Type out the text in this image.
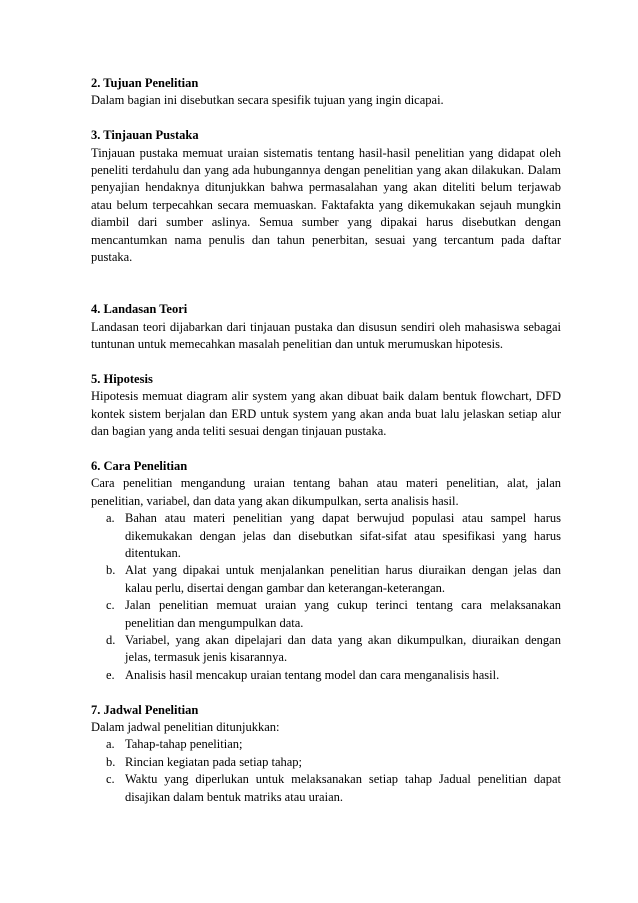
2. Tujuan Penelitian

Dalam bagian ini disebutkan secara spesifik tujuan yang ingin dicapai.

3. Tinjauan Pustaka

Tinjauan pustaka memuat uraian sistematis tentang hasil-hasil penelitian yang didapat oleh peneliti terdahulu dan yang ada hubungannya dengan penelitian yang akan dilakukan. Dalam penyajian hendaknya ditunjukkan bahwa permasalahan yang akan diteliti belum terjawab atau belum terpecahkan secara memuaskan. Faktafakta yang dikemukakan sejauh mungkin diambil dari sumber aslinya. Semua sumber yang dipakai harus disebutkan dengan mencantumkan nama penulis dan tahun penerbitan, sesuai yang tercantum pada daftar pustaka.

4. Landasan Teori

Landasan teori dijabarkan dari tinjauan pustaka dan disusun sendiri oleh mahasiswa sebagai tuntunan untuk memecahkan masalah penelitian dan untuk merumuskan hipotesis.

5. Hipotesis

Hipotesis memuat diagram alir system yang akan dibuat baik dalam bentuk flowchart, DFD kontek sistem berjalan dan ERD untuk system yang akan anda buat lalu jelaskan setiap alur dan bagian yang anda teliti sesuai dengan tinjauan pustaka.

6. Cara Penelitian

Cara penelitian mengandung uraian tentang bahan atau materi penelitian, alat, jalan penelitian, variabel, dan data yang akan dikumpulkan, serta analisis hasil.

a. Bahan atau materi penelitian yang dapat berwujud populasi atau sampel harus dikemukakan dengan jelas dan disebutkan sifat-sifat atau spesifikasi yang harus ditentukan.
b. Alat yang dipakai untuk menjalankan penelitian harus diuraikan dengan jelas dan kalau perlu, disertai dengan gambar dan keterangan-keterangan.
c. Jalan penelitian memuat uraian yang cukup terinci tentang cara melaksanakan penelitian dan mengumpulkan data.
d. Variabel, yang akan dipelajari dan data yang akan dikumpulkan, diuraikan dengan jelas, termasuk jenis kisarannya.
e. Analisis hasil mencakup uraian tentang model dan cara menganalisis hasil.

7. Jadwal Penelitian

Dalam jadwal penelitian ditunjukkan:

a. Tahap-tahap penelitian;
b. Rincian kegiatan pada setiap tahap;
c. Waktu yang diperlukan untuk melaksanakan setiap tahap Jadual penelitian dapat disajikan dalam bentuk matriks atau uraian.
